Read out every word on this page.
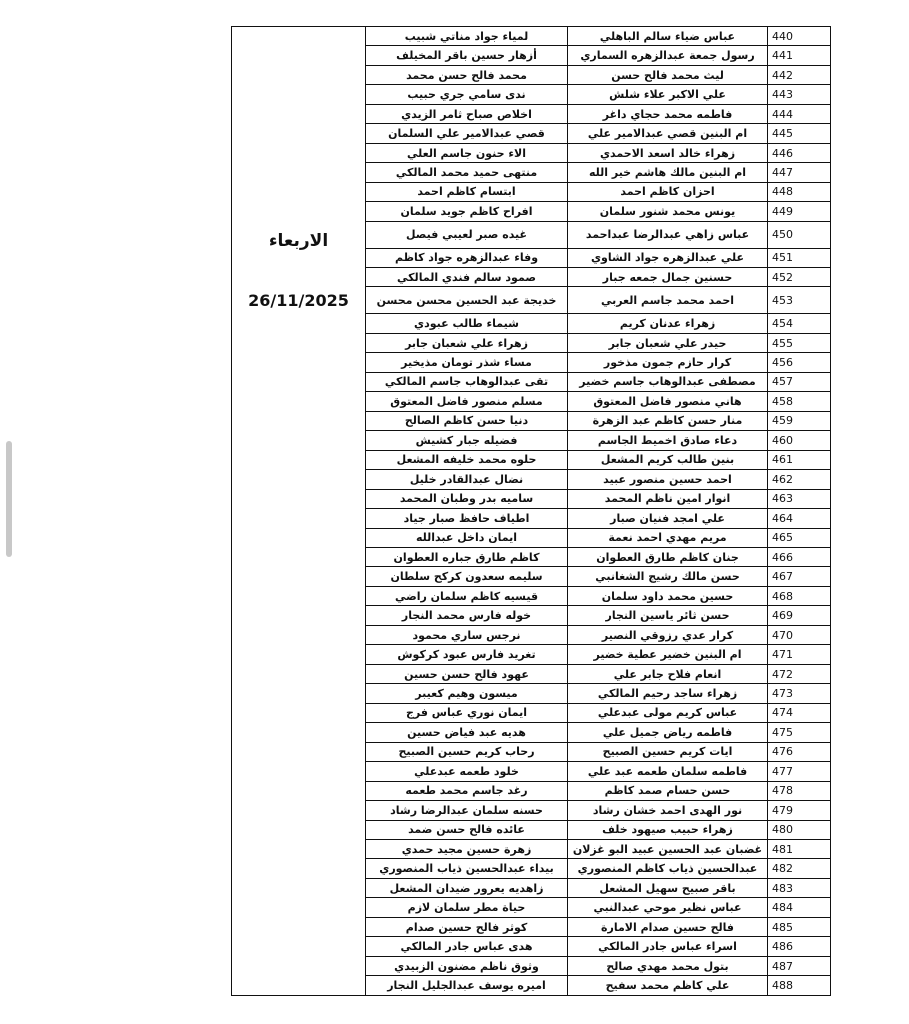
الاربعاء
26/11/2025
لمياء جواد مناتي شبيب	عباس ضياء سالم الباهلي	440
أزهار حسين باقر المخيلف	رسول جمعة عبدالزهره السماري	441
محمد فالح حسن محمد	ليث محمد فالح حسن	442
ندى سامي جري حبيب	علي الاكبر علاء شلش	443
اخلاص صباح ثامر الزيدي	فاطمه محمد حجاي داغر	444
قصي عبدالامير علي السلمان	ام البنين قصي عبدالامير علي	445
الاء حنون جاسم العلي	زهراء خالد اسعد الاحمدي	446
منتهى حميد محمد المالكي	ام البنين مالك هاشم خير الله	447
ابتسام كاظم احمد	احزان كاظم احمد	448
افراح كاظم جويد سلمان	يونس محمد شنور سلمان	449
غيده صبر لعيبي فيصل	عباس زاهي عبدالرضا عبداحمد	450
وفاء عبدالزهره جواد كاظم	علي عبدالزهره جواد الشاوي	451
صمود سالم فندي المالكي	حسنين جمال جمعه جبار	452
خديجة عبد الحسين محسن محسن	احمد محمد جاسم العربي	453
شيماء طالب عبودي	زهراء عدنان كريم	454
زهراء علي شعبان جابر	حيدر علي شعبان جابر	455
مساء شذر تومان مذيخير	كرار حازم جمون مذخور	456
تقى عبدالوهاب جاسم المالكي	مصطفى عبدالوهاب جاسم خضير	457
مسلم منصور فاضل المعتوق	هاني منصور فاضل المعتوق	458
دنيا حسن كاظم الصالح	منار حسن كاظم عبد الزهرة	459
فضيله جبار كشيش	دعاء صادق اخميط الجاسم	460
حلوه محمد خليفه المشعل	بنين طالب كريم المشعل	461
نضال عبدالقادر خليل	احمد حسين منصور عبيد	462
ساميه بدر وطبان المحمد	انوار امين ناظم المحمد	463
اطياف حافظ صبار جياد	علي امجد فنيان صبار	464
ايمان داخل عبدالله	مريم مهدي احمد نعمة	465
كاظم طارق جباره العطوان	جنان كاظم طارق العطوان	466
سليمه سعدون كركح سلطان	حسن مالك رشيج الشغانبي	467
قيسيه كاظم سلمان راضي	حسين محمد داود سلمان	468
خوله فارس محمد النجار	حسن ثائر ياسين النجار	469
نرجس ساري محمود	كرار عدي رزوقي النصير	470
تغريد فارس عبود كركوش	ام البنين خضير عطية خضير	471
عهود فالح حسن حسين	انعام فلاح جابر علي	472
ميسون وهيم كعيبر	زهراء ساجد رحيم المالكي	473
ايمان نوري عباس فرج	عباس كريم مولى عبدعلي	474
هديه عبد فياض حسين	فاطمه رياض جميل علي	475
رحاب كريم حسين الصبيح	ايات كريم حسين الصبيح	476
خلود طعمه عبدعلي	فاطمه سلمان طعمه عبد علي	477
رغد جاسم محمد طعمه	حسن حسام صمد كاظم	478
حسنه سلمان عبدالرضا رشاد	نور الهدى احمد خشان رشاد	479
عائده فالح حسن ضمد	زهراء حبيب صيهود خلف	480
زهرة حسين مجيد حمدي	غضبان عبد الحسين عبيد البو غزلان 481
بيداء عبدالحسين ذياب المنصوري	عبدالحسين ذياب كاظم المنصوري	482
زاهديه يعرور ضيدان المشعل	باقر صبيح سهيل المشعل	483
حياة مطر سلمان لازم	عباس نظير موحي عبدالنبي	484
كوثر فالح حسين صدام	فالح حسين صدام الامارة	485
هدى عباس جادر المالكي	اسراء عباس جادر المالكي	486
وثوق ناظم مضنون الزبيدي	بتول محمد مهدي صالح	487
اميره يوسف عبدالجليل النجار	علي كاظم محمد سفيح	488
